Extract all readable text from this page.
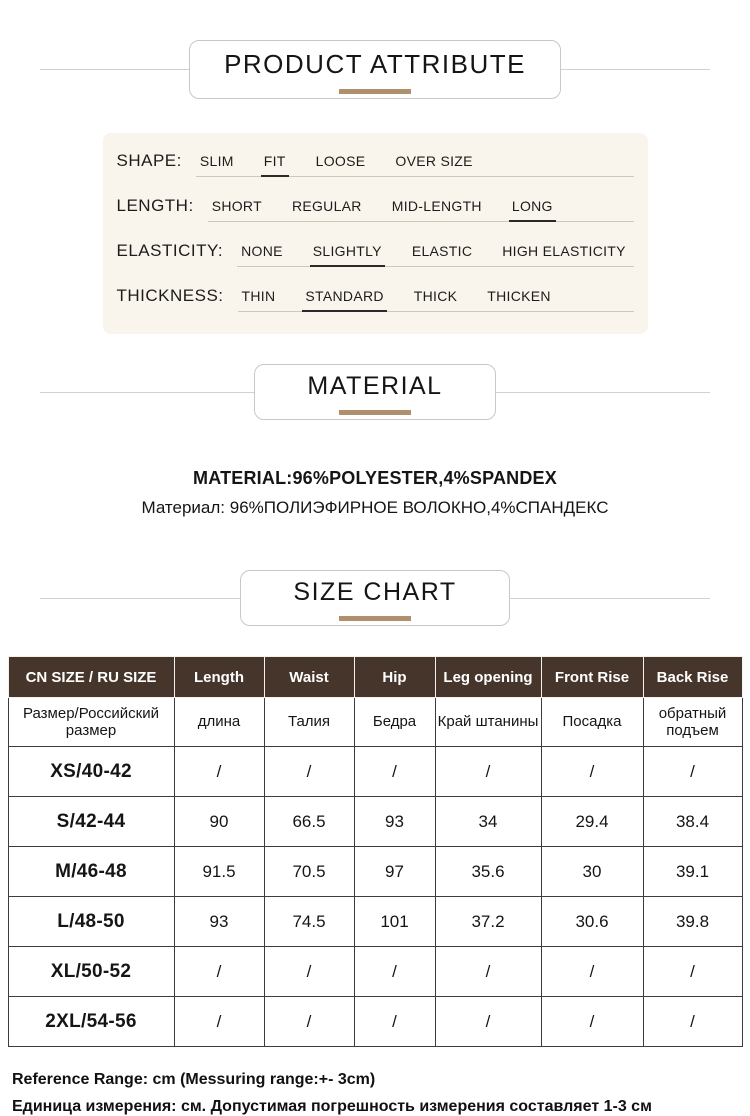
PRODUCT ATTRIBUTE
SHAPE: SLIM FIT LOOSE OVER SIZE
LENGTH: SHORT REGULAR MID-LENGTH LONG
ELASTICITY: NONE SLIGHTLY ELASTIC HIGH ELASTICITY
THICKNESS: THIN STANDARD THICK THICKEN
MATERIAL
MATERIAL:96%POLYESTER,4%SPANDEX
Материал: 96%ПОЛИЭФИРНОЕ ВОЛОКНО,4%СПАНДЕКС
SIZE CHART
CN SIZE / RU SIZE	Length	Waist	Hip	Leg opening	Front Rise	Back Rise
Размер/Российский размер	длина	Талия	Бедра	Край штанины	Посадка	обратный подъем
XS/40-42	/	/	/	/	/	/
S/42-44	90	66.5	93	34	29.4	38.4
M/46-48	91.5	70.5	97	35.6	30	39.1
L/48-50	93	74.5	101	37.2	30.6	39.8
XL/50-52	/	/	/	/	/	/
2XL/54-56	/	/	/	/	/	/
Reference Range: cm (Messuring range:+- 3cm)
Единица измерения: см. Допустимая погрешность измерения составляет 1-3 см
